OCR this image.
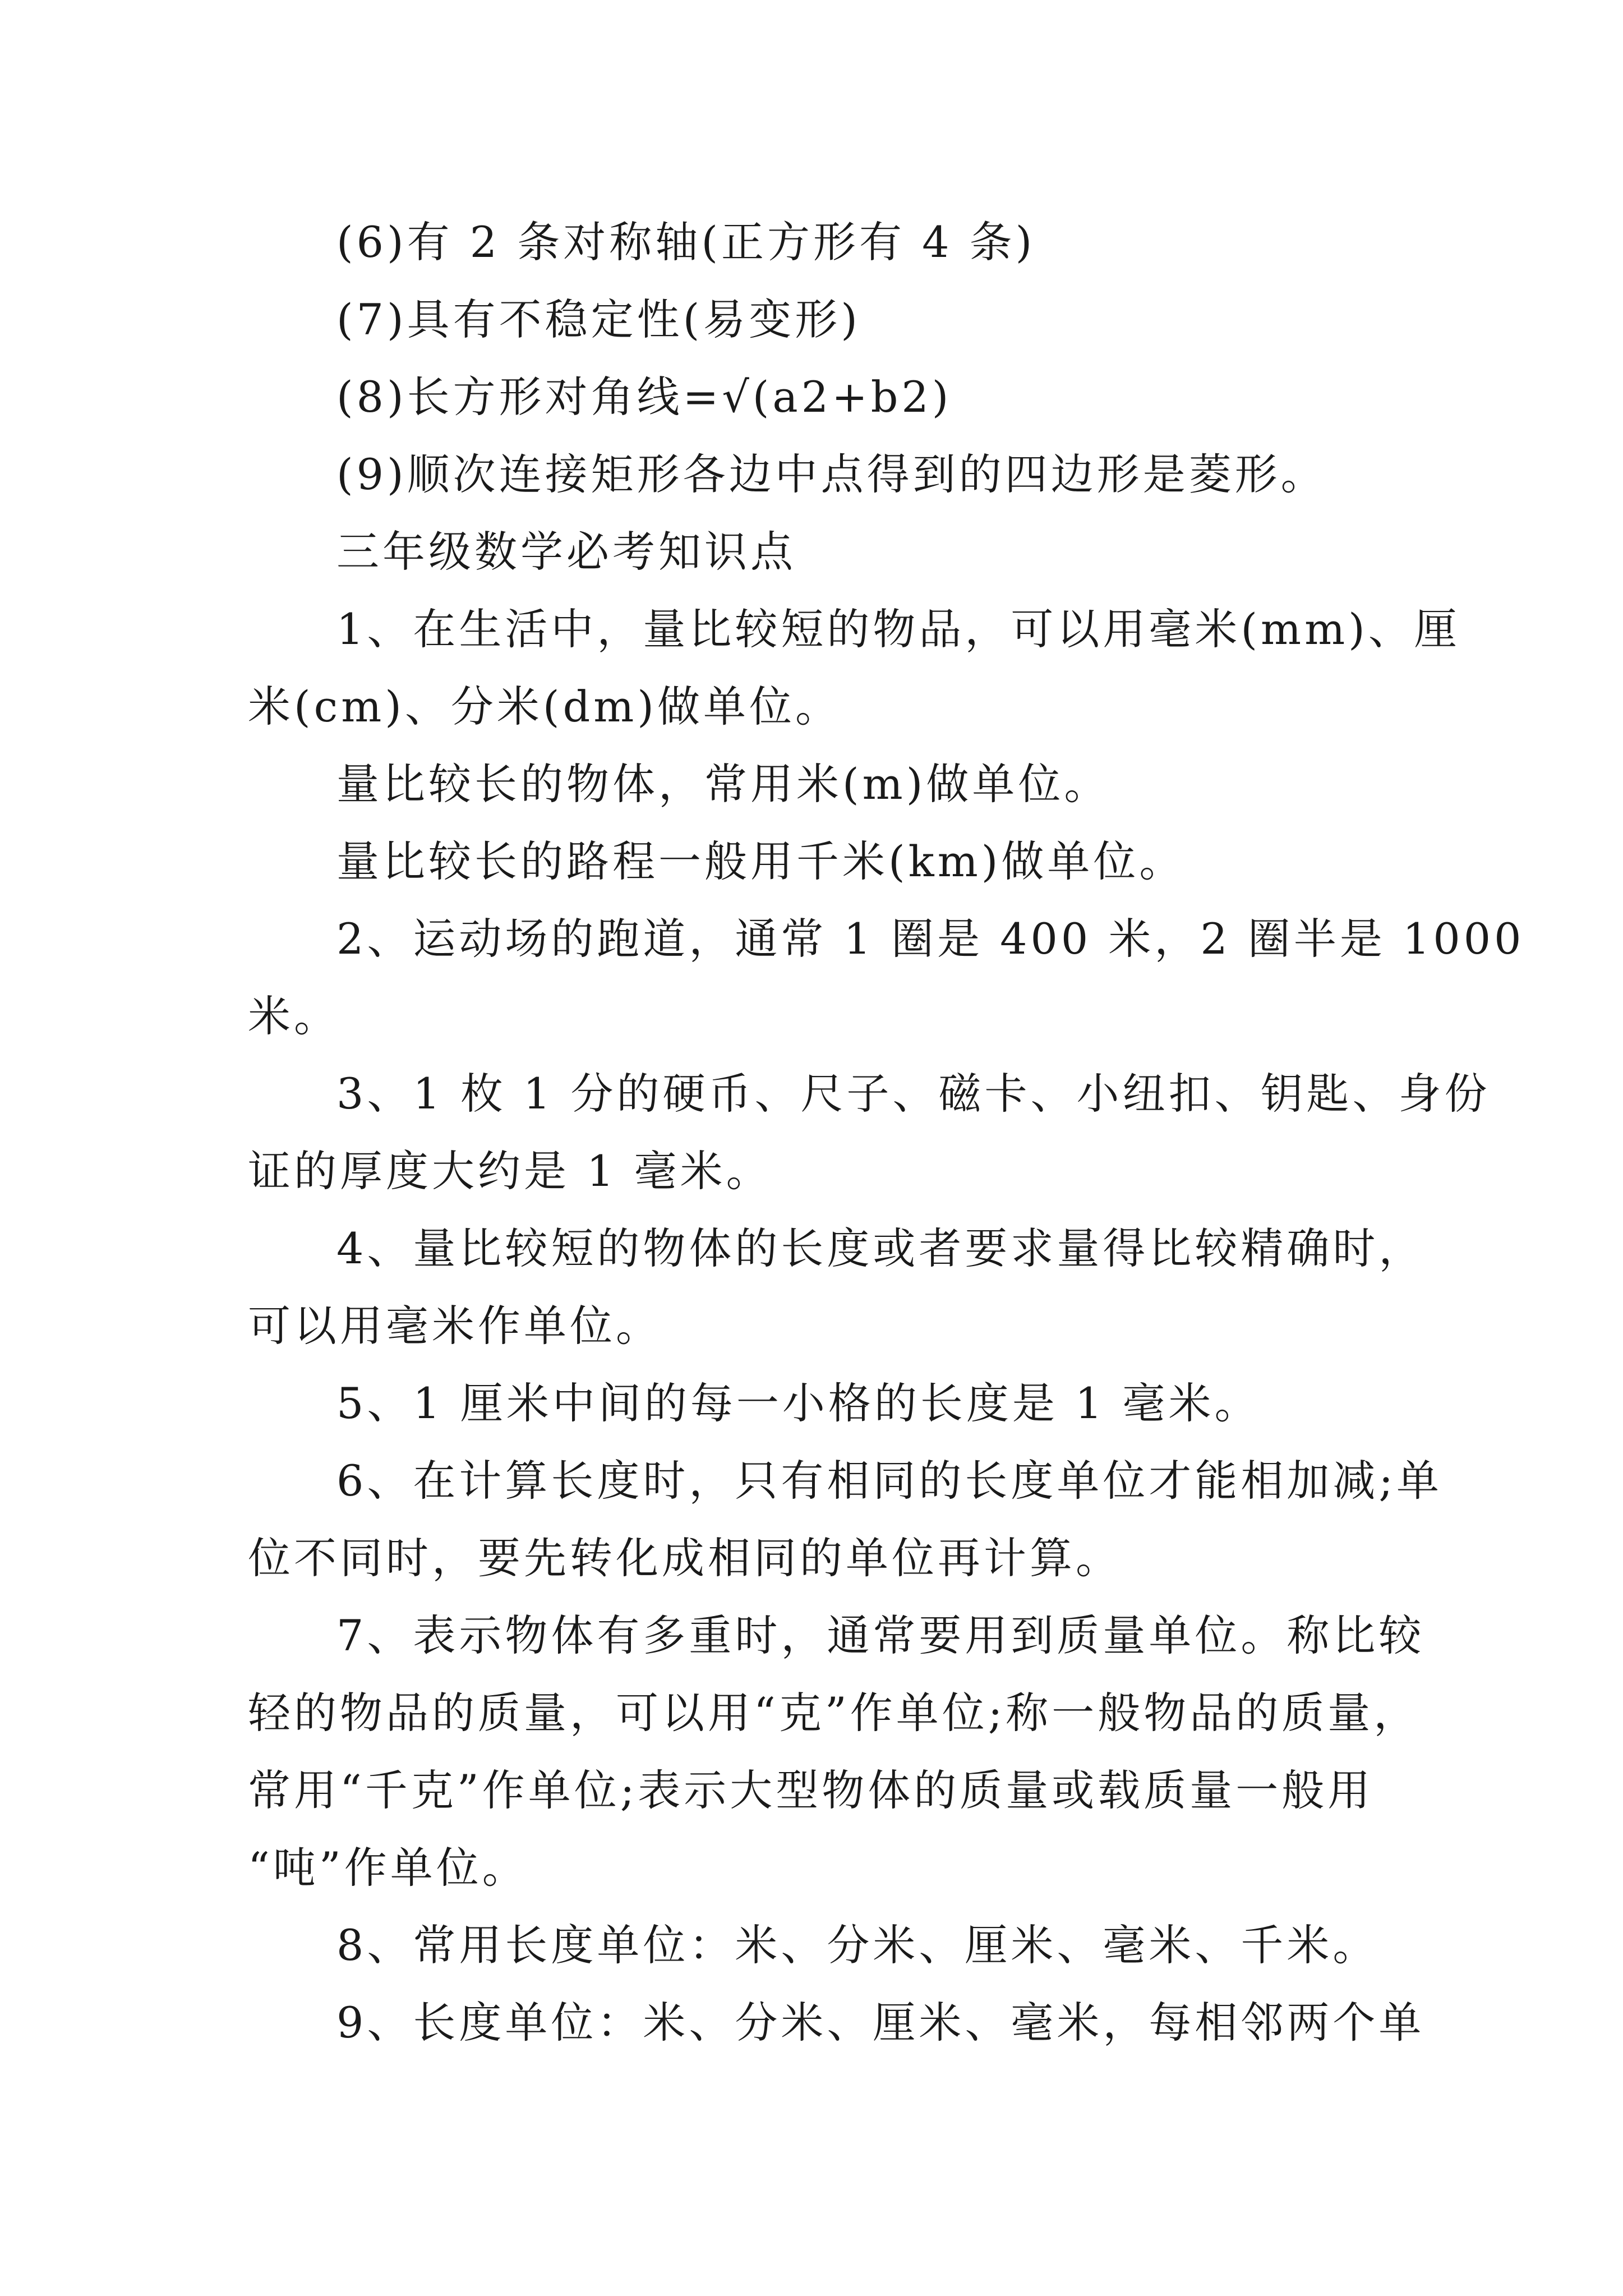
(6)有 2 条对称轴(正方形有 4 条)
(7)具有不稳定性(易变形)
(8)长方形对角线=√(a2+b2)
(9)顺次连接矩形各边中点得到的四边形是菱形。
三年级数学必考知识点
1、在生活中，量比较短的物品，可以用毫米(mm)、厘
米(cm)、分米(dm)做单位。
量比较长的物体，常用米(m)做单位。
量比较长的路程一般用千米(km)做单位。
2、运动场的跑道，通常 1 圈是 400 米，2 圈半是 1000
米。
3、1 枚 1 分的硬币、尺子、磁卡、小纽扣、钥匙、身份
证的厚度大约是 1 毫米。
4、量比较短的物体的长度或者要求量得比较精确时，
可以用毫米作单位。
5、1 厘米中间的每一小格的长度是 1 毫米。
6、在计算长度时，只有相同的长度单位才能相加减;单
位不同时，要先转化成相同的单位再计算。
7、表示物体有多重时，通常要用到质量单位。称比较
轻的物品的质量，可以用“克”作单位;称一般物品的质量，
常用“千克”作单位;表示大型物体的质量或载质量一般用
“吨”作单位。
8、常用长度单位：米、分米、厘米、毫米、千米。
9、长度单位：米、分米、厘米、毫米，每相邻两个单
